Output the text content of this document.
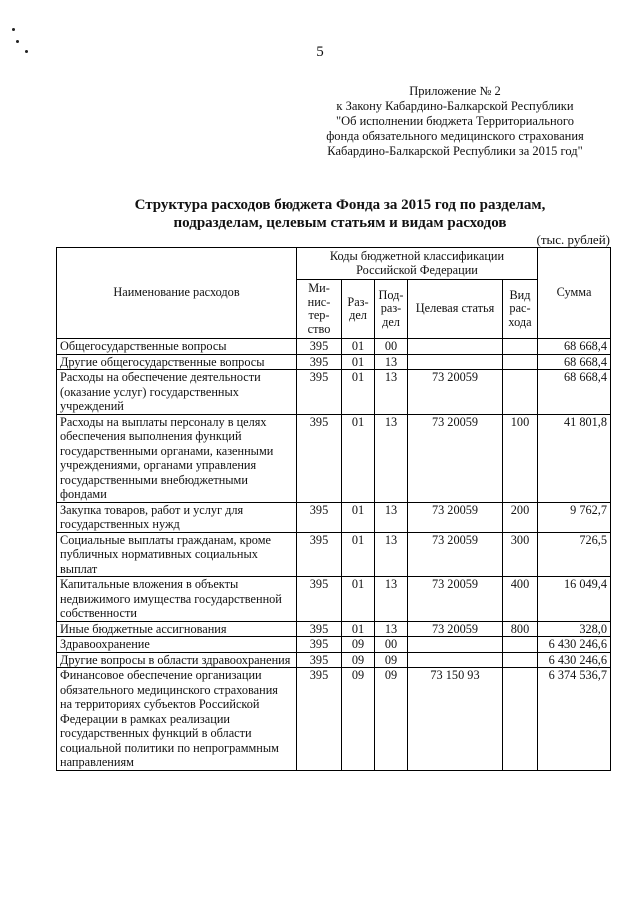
5
Приложение № 2
к Закону Кабардино-Балкарской Республики
"Об исполнении бюджета Территориального
фонда обязательного медицинского страхования
Кабардино-Балкарской Республики за 2015 год"
Структура расходов бюджета Фонда за 2015 год по разделам,
подразделам, целевым статьям и видам расходов
(тыс. рублей)
Наименование расходов	Коды бюджетной классификации Российской Федерации					Сумма
	Ми-нис-тер-ство	Раз-дел	Под-раз-дел	Целевая статья	Вид рас-хода	
Общегосударственные вопросы	395	01	00			68 668,4
Другие общегосударственные вопросы	395	01	13			68 668,4
Расходы на обеспечение деятельности (оказание услуг) государственных учреждений	395	01	13	73 20059		68 668,4
Расходы на выплаты персоналу в целях обеспечения выполнения функций государственными органами, казенными учреждениями, органами управления государственными внебюджетными фондами	395	01	13	73 20059	100	41 801,8
Закупка товаров, работ и услуг для государственных нужд	395	01	13	73 20059	200	9 762,7
Социальные выплаты гражданам, кроме публичных нормативных социальных выплат	395	01	13	73 20059	300	726,5
Капитальные вложения в объекты недвижимого имущества государственной собственности	395	01	13	73 20059	400	16 049,4
Иные бюджетные ассигнования	395	01	13	73 20059	800	328,0
Здравоохранение	395	09	00			6 430 246,6
Другие вопросы в области здравоохранения	395	09	09			6 430 246,6
Финансовое обеспечение организации обязательного медицинского страхования на территориях субъектов Российской Федерации в рамках реализации государственных функций в области социальной политики по непрограммным направлениям	395	09	09	73 150 93		6 374 536,7
